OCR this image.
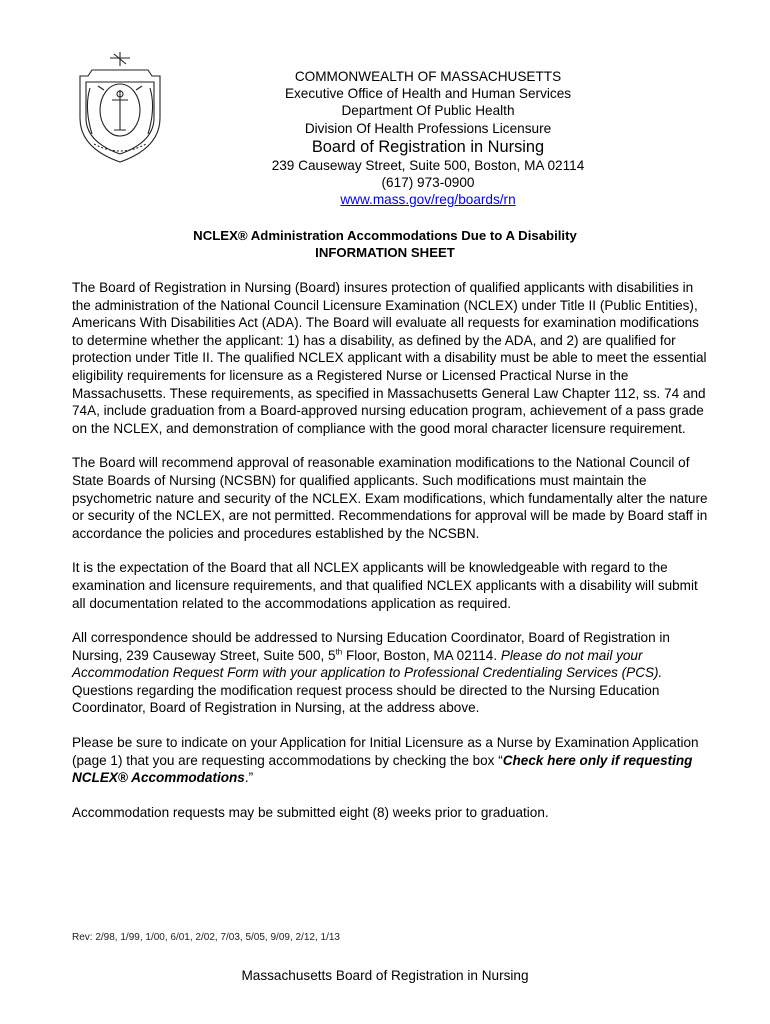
COMMONWEALTH OF MASSACHUSETTS
Executive Office of Health and Human Services
Department Of Public Health
Division Of Health Professions Licensure
Board of Registration in Nursing
239 Causeway Street, Suite 500, Boston, MA 02114
(617) 973-0900
www.mass.gov/reg/boards/rn
NCLEX® Administration Accommodations Due to A Disability
INFORMATION SHEET

The Board of Registration in Nursing (Board) insures protection of qualified applicants with disabilities in the administration of the National Council Licensure Examination (NCLEX) under Title II (Public Entities), Americans With Disabilities Act (ADA). The Board will evaluate all requests for examination modifications to determine whether the applicant: 1) has a disability, as defined by the ADA, and 2) are qualified for protection under Title II. The qualified NCLEX applicant with a disability must be able to meet the essential eligibility requirements for licensure as a Registered Nurse or Licensed Practical Nurse in the Massachusetts. These requirements, as specified in Massachusetts General Law Chapter 112, ss. 74 and 74A, include graduation from a Board-approved nursing education program, achievement of a pass grade on the NCLEX, and demonstration of compliance with the good moral character licensure requirement.

The Board will recommend approval of reasonable examination modifications to the National Council of State Boards of Nursing (NCSBN) for qualified applicants. Such modifications must maintain the psychometric nature and security of the NCLEX. Exam modifications, which fundamentally alter the nature or security of the NCLEX, are not permitted. Recommendations for approval will be made by Board staff in accordance the policies and procedures established by the NCSBN.

It is the expectation of the Board that all NCLEX applicants will be knowledgeable with regard to the examination and licensure requirements, and that qualified NCLEX applicants with a disability will submit all documentation related to the accommodations application as required.

All correspondence should be addressed to Nursing Education Coordinator, Board of Registration in Nursing, 239 Causeway Street, Suite 500, 5th Floor, Boston, MA 02114. Please do not mail your Accommodation Request Form with your application to Professional Credentialing Services (PCS). Questions regarding the modification request process should be directed to the Nursing Education Coordinator, Board of Registration in Nursing, at the address above.

Please be sure to indicate on your Application for Initial Licensure as a Nurse by Examination Application (page 1) that you are requesting accommodations by checking the box “Check here only if requesting NCLEX® Accommodations.”

Accommodation requests may be submitted eight (8) weeks prior to graduation.

Rev: 2/98, 1/99, 1/00, 6/01, 2/02, 7/03, 5/05, 9/09, 2/12, 1/13
Massachusetts Board of Registration in Nursing
